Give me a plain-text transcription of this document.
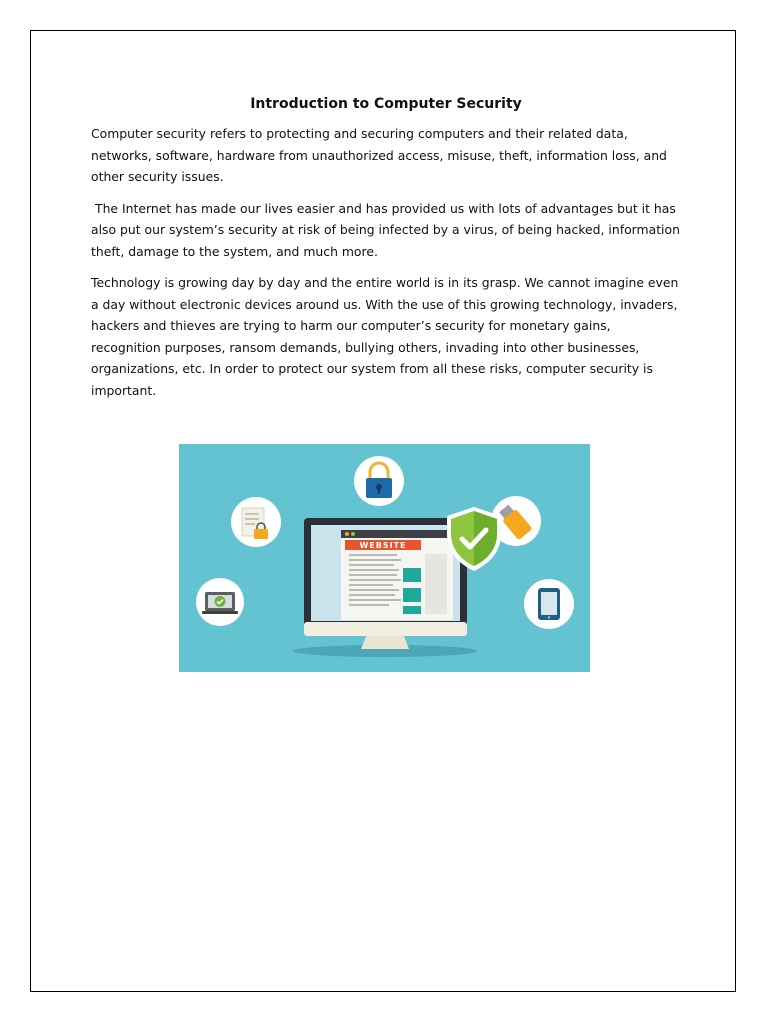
Introduction to Computer Security

Computer security refers to protecting and securing computers and their related data, networks, software, hardware from unauthorized access, misuse, theft, information loss, and other security issues.

The Internet has made our lives easier and has provided us with lots of advantages but it has also put our system’s security at risk of being infected by a virus, of being hacked, information theft, damage to the system, and much more.

Technology is growing day by day and the entire world is in its grasp. We cannot imagine even a day without electronic devices around us. With the use of this growing technology, invaders, hackers and thieves are trying to harm our computer’s security for monetary gains, recognition purposes, ransom demands, bullying others, invading into other businesses, organizations, etc. In order to protect our system from all these risks, computer security is important.

WEBSITE
